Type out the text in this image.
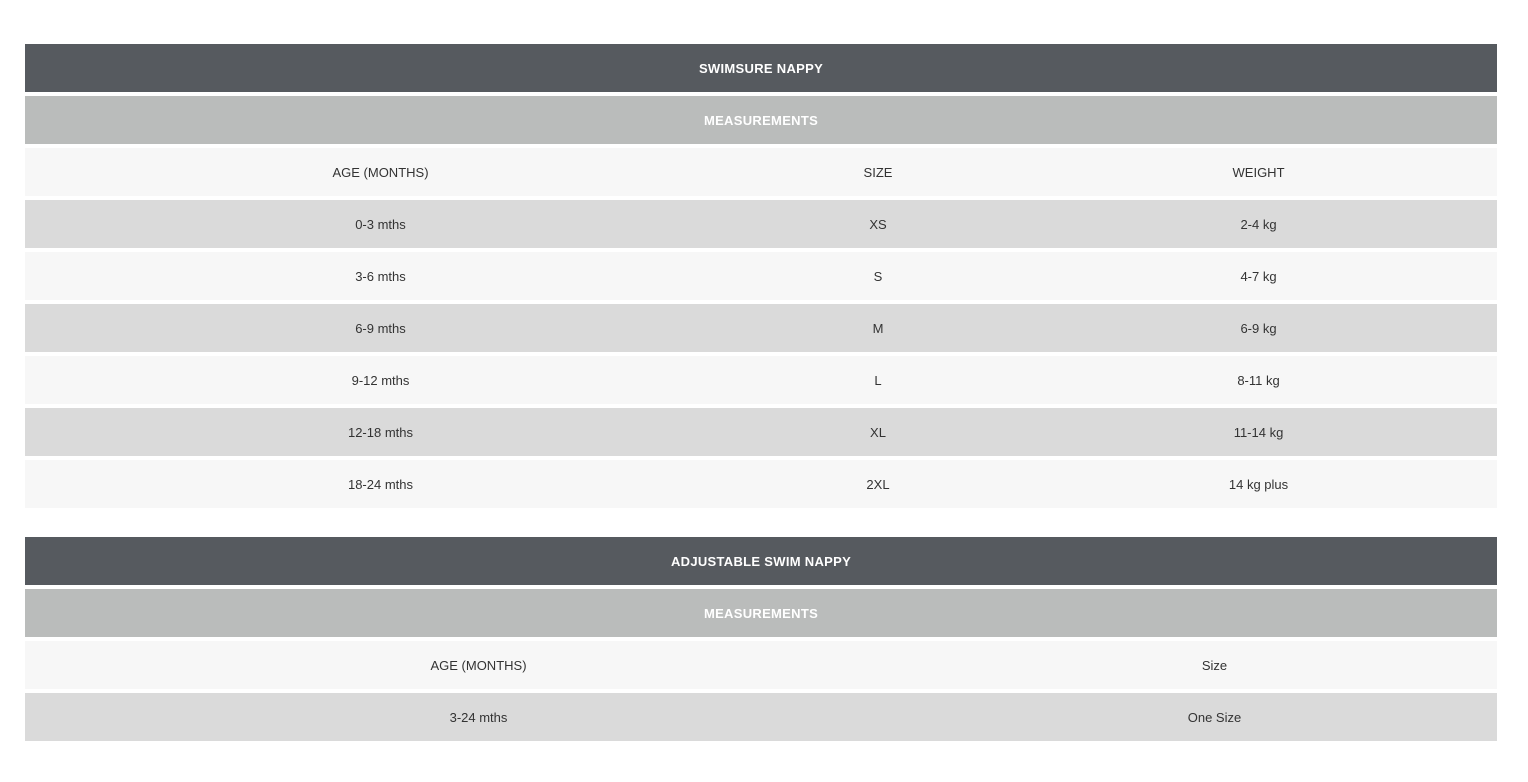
SWIMSURE NAPPY		
MEASUREMENTS		
AGE (MONTHS)	SIZE	WEIGHT
0-3 mths	XS	2-4 kg
3-6 mths	S	4-7 kg
6-9 mths	M	6-9 kg
9-12 mths	L	8-11 kg
12-18 mths	XL	11-14 kg
18-24 mths	2XL	14 kg plus
ADJUSTABLE SWIM NAPPY	
MEASUREMENTS	
AGE (MONTHS)	Size
3-24 mths	One Size
